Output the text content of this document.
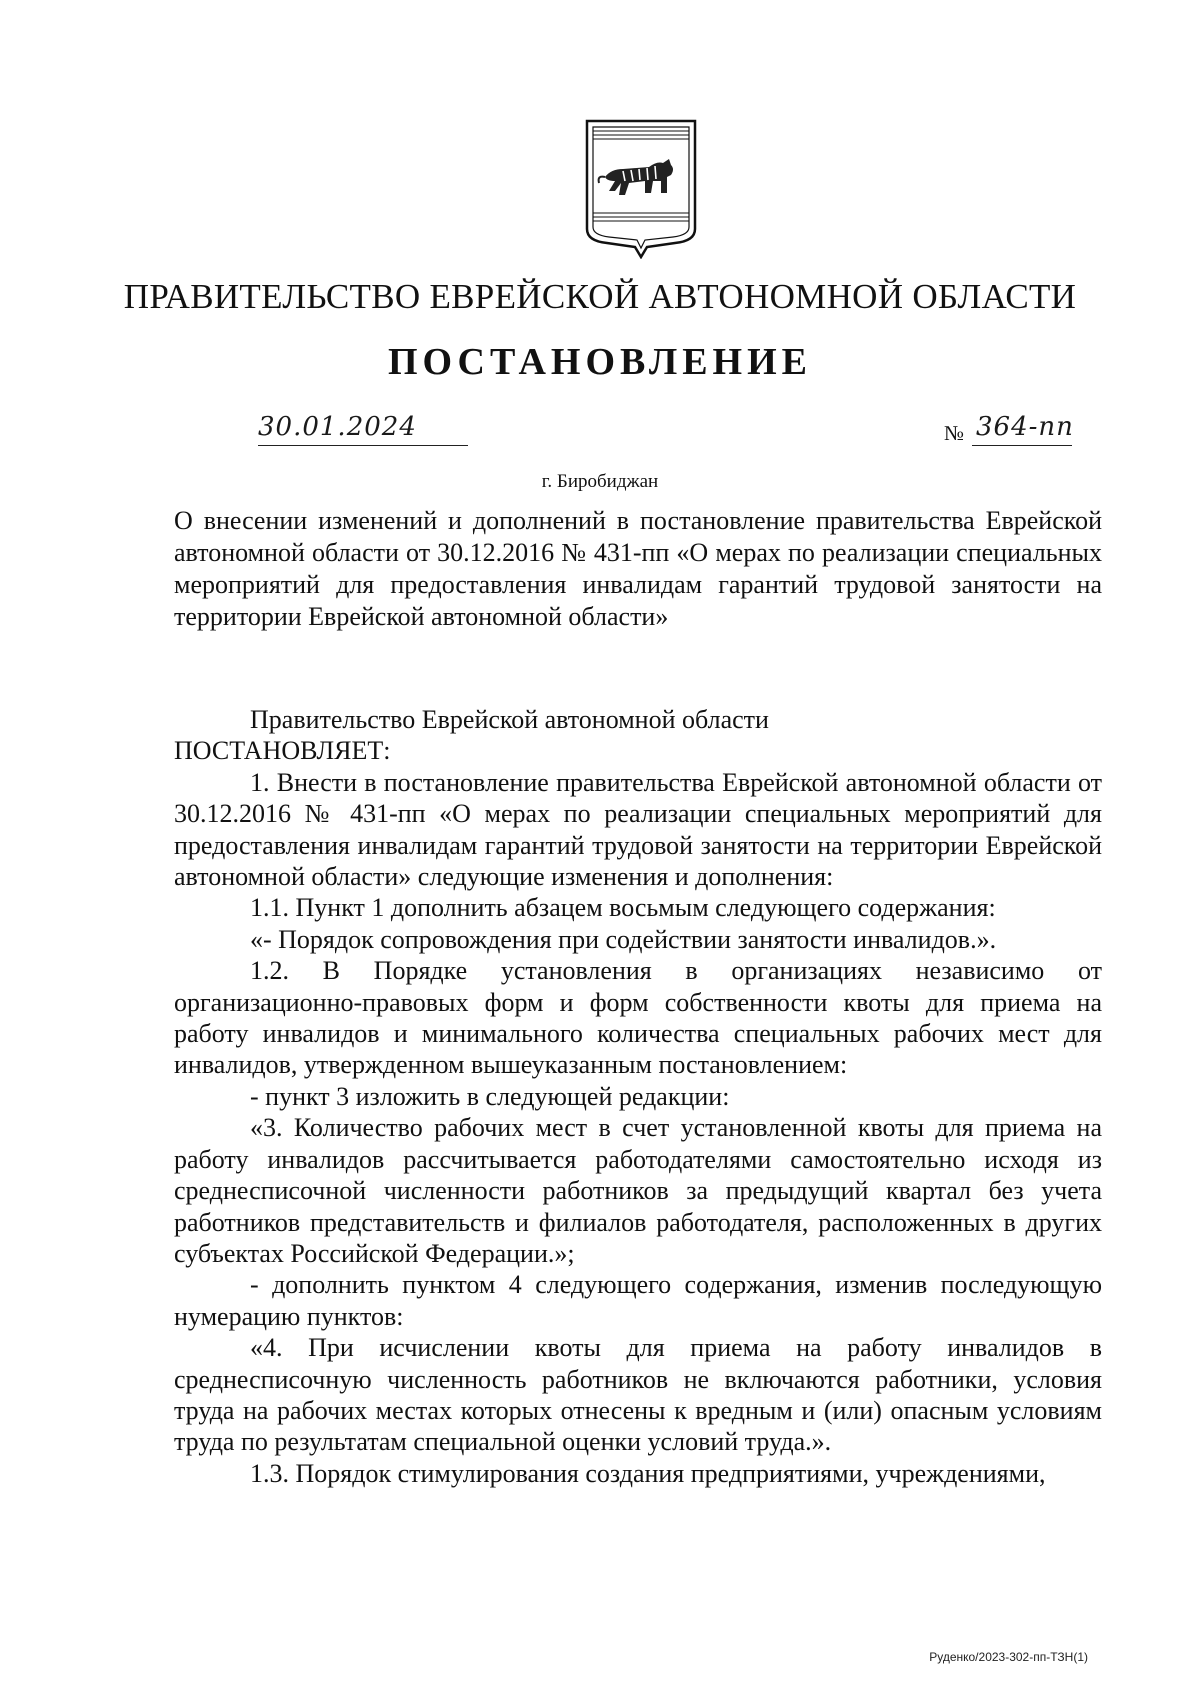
ПРАВИТЕЛЬСТВО ЕВРЕЙСКОЙ АВТОНОМНОЙ ОБЛАСТИ
ПОСТАНОВЛЕНИЕ
30.01.2024	№ 364-пп
г. Биробиджан
О внесении изменений и дополнений в постановление правительства Еврейской автономной области от 30.12.2016 № 431-пп «О мерах по реализации специальных мероприятий для предоставления инвалидам гарантий трудовой занятости на территории Еврейской автономной области»

Правительство Еврейской автономной области

ПОСТАНОВЛЯЕТ:

1. Внести в постановление правительства Еврейской автономной области от 30.12.2016 № 431-пп «О мерах по реализации специальных мероприятий для предоставления инвалидам гарантий трудовой занятости на территории Еврейской автономной области» следующие изменения и дополнения:

1.1. Пункт 1 дополнить абзацем восьмым следующего содержания:

«- Порядок сопровождения при содействии занятости инвалидов.».

1.2. В Порядке установления в организациях независимо от организационно-правовых форм и форм собственности квоты для приема на работу инвалидов и минимального количества специальных рабочих мест для инвалидов, утвержденном вышеуказанным постановлением:

- пункт 3 изложить в следующей редакции:

«3. Количество рабочих мест в счет установленной квоты для приема на работу инвалидов рассчитывается работодателями самостоятельно исходя из среднесписочной численности работников за предыдущий квартал без учета работников представительств и филиалов работодателя, расположенных в других субъектах Российской Федерации.»;

- дополнить пунктом 4 следующего содержания, изменив последующую нумерацию пунктов:

«4. При исчислении квоты для приема на работу инвалидов в среднесписочную численность работников не включаются работники, условия труда на рабочих местах которых отнесены к вредным и (или) опасным условиям труда по результатам специальной оценки условий труда.».

1.3. Порядок стимулирования создания предприятиями, учреждениями,

Руденко/2023-302-пп-ТЗН(1)
